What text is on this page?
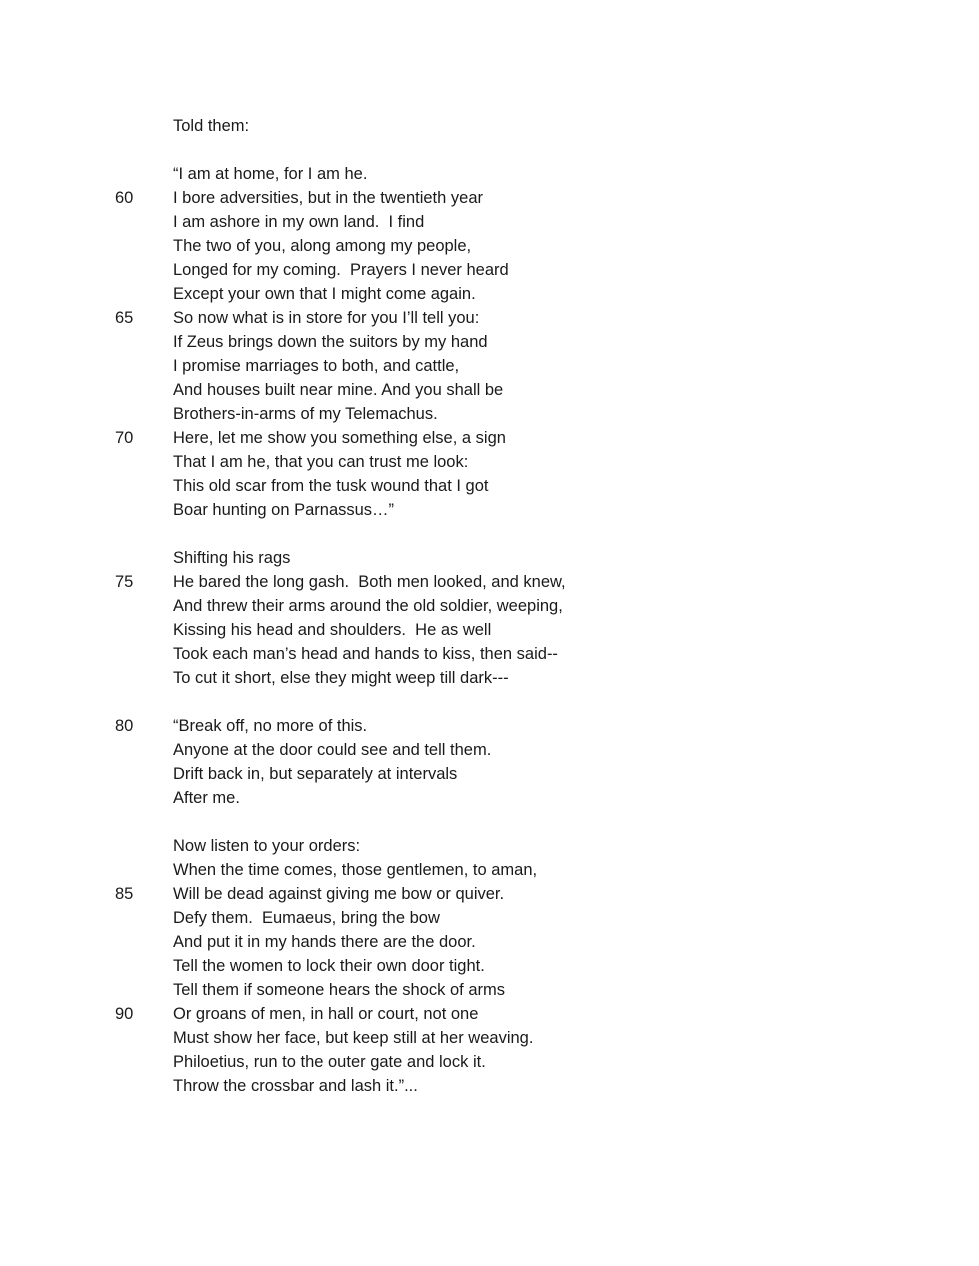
Told them:
“I am at home, for I am he.
60 I bore adversities, but in the twentieth year
I am ashore in my own land.  I find
The two of you, along among my people,
Longed for my coming.  Prayers I never heard
Except your own that I might come again.
65 So now what is in store for you I’ll tell you:
If Zeus brings down the suitors by my hand
I promise marriages to both, and cattle,
And houses built near mine. And you shall be
Brothers-in-arms of my Telemachus.
70 Here, let me show you something else, a sign
That I am he, that you can trust me look:
This old scar from the tusk wound that I got
Boar hunting on Parnassus…”
Shifting his rags
75 He bared the long gash.  Both men looked, and knew,
And threw their arms around the old soldier, weeping,
Kissing his head and shoulders.  He as well
Took each man’s head and hands to kiss, then said--
To cut it short, else they might weep till dark---
80 “Break off, no more of this.
Anyone at the door could see and tell them.
Drift back in, but separately at intervals
After me.
Now listen to your orders:
When the time comes, those gentlemen, to aman,
85 Will be dead against giving me bow or quiver.
Defy them.  Eumaeus, bring the bow
And put it in my hands there are the door.
Tell the women to lock their own door tight.
Tell them if someone hears the shock of arms
90 Or groans of men, in hall or court, not one
Must show her face, but keep still at her weaving.
Philoetius, run to the outer gate and lock it.
Throw the crossbar and lash it.”...
